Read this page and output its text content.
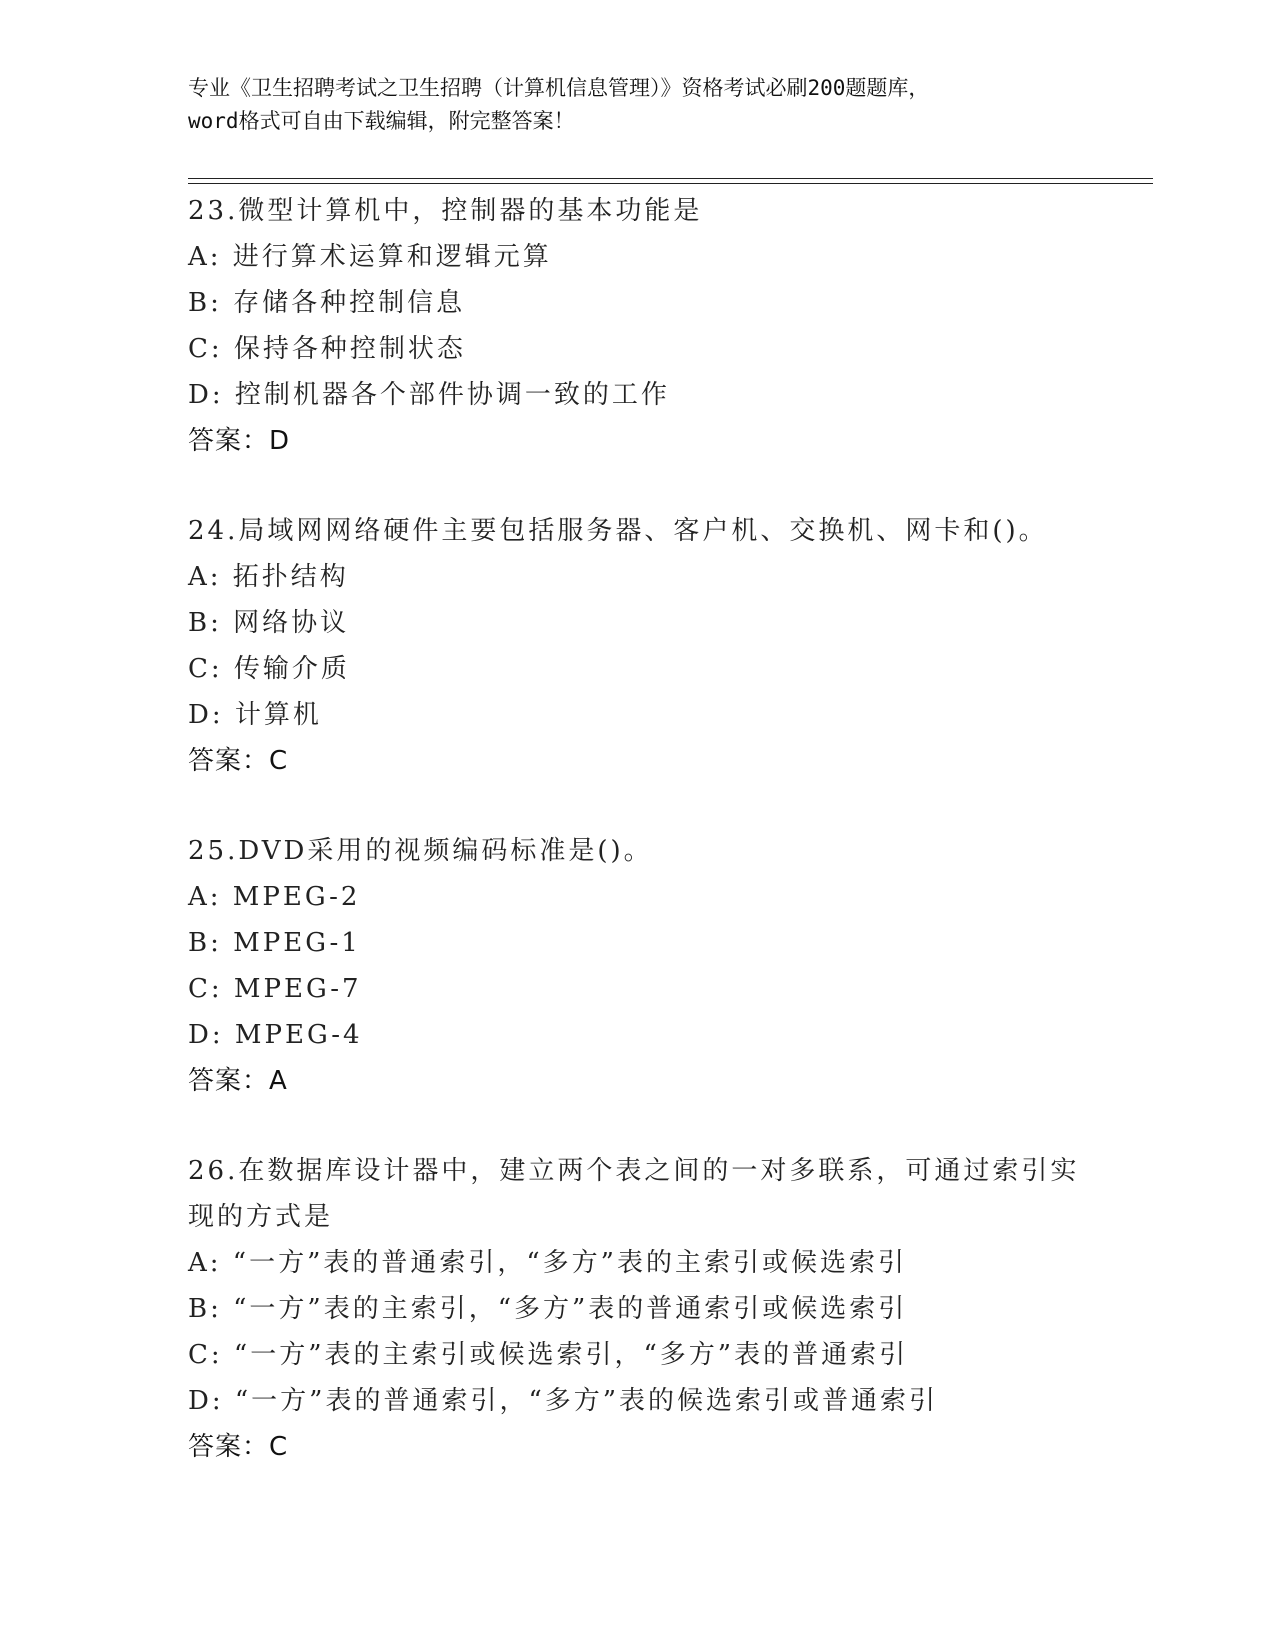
专业《卫生招聘考试之卫生招聘（计算机信息管理）》资格考试必刷200题题库，
word格式可自由下载编辑，附完整答案！
23.微型计算机中，控制器的基本功能是
A: 进行算术运算和逻辑元算
B: 存储各种控制信息
C: 保持各种控制状态
D: 控制机器各个部件协调一致的工作
答案：D
24.局域网网络硬件主要包括服务器、客户机、交换机、网卡和()。
A: 拓扑结构
B: 网络协议
C: 传输介质
D: 计算机
答案：C
25.DVD采用的视频编码标准是()。
A: MPEG-2
B: MPEG-1
C: MPEG-7
D: MPEG-4
答案：A
26.在数据库设计器中，建立两个表之间的一对多联系，可通过索引实
现的方式是
A: “一方”表的普通索引，“多方”表的主索引或候选索引
B: “一方”表的主索引，“多方”表的普通索引或候选索引
C: “一方”表的主索引或候选索引，“多方”表的普通索引
D: “一方”表的普通索引，“多方”表的候选索引或普通索引
答案：C
